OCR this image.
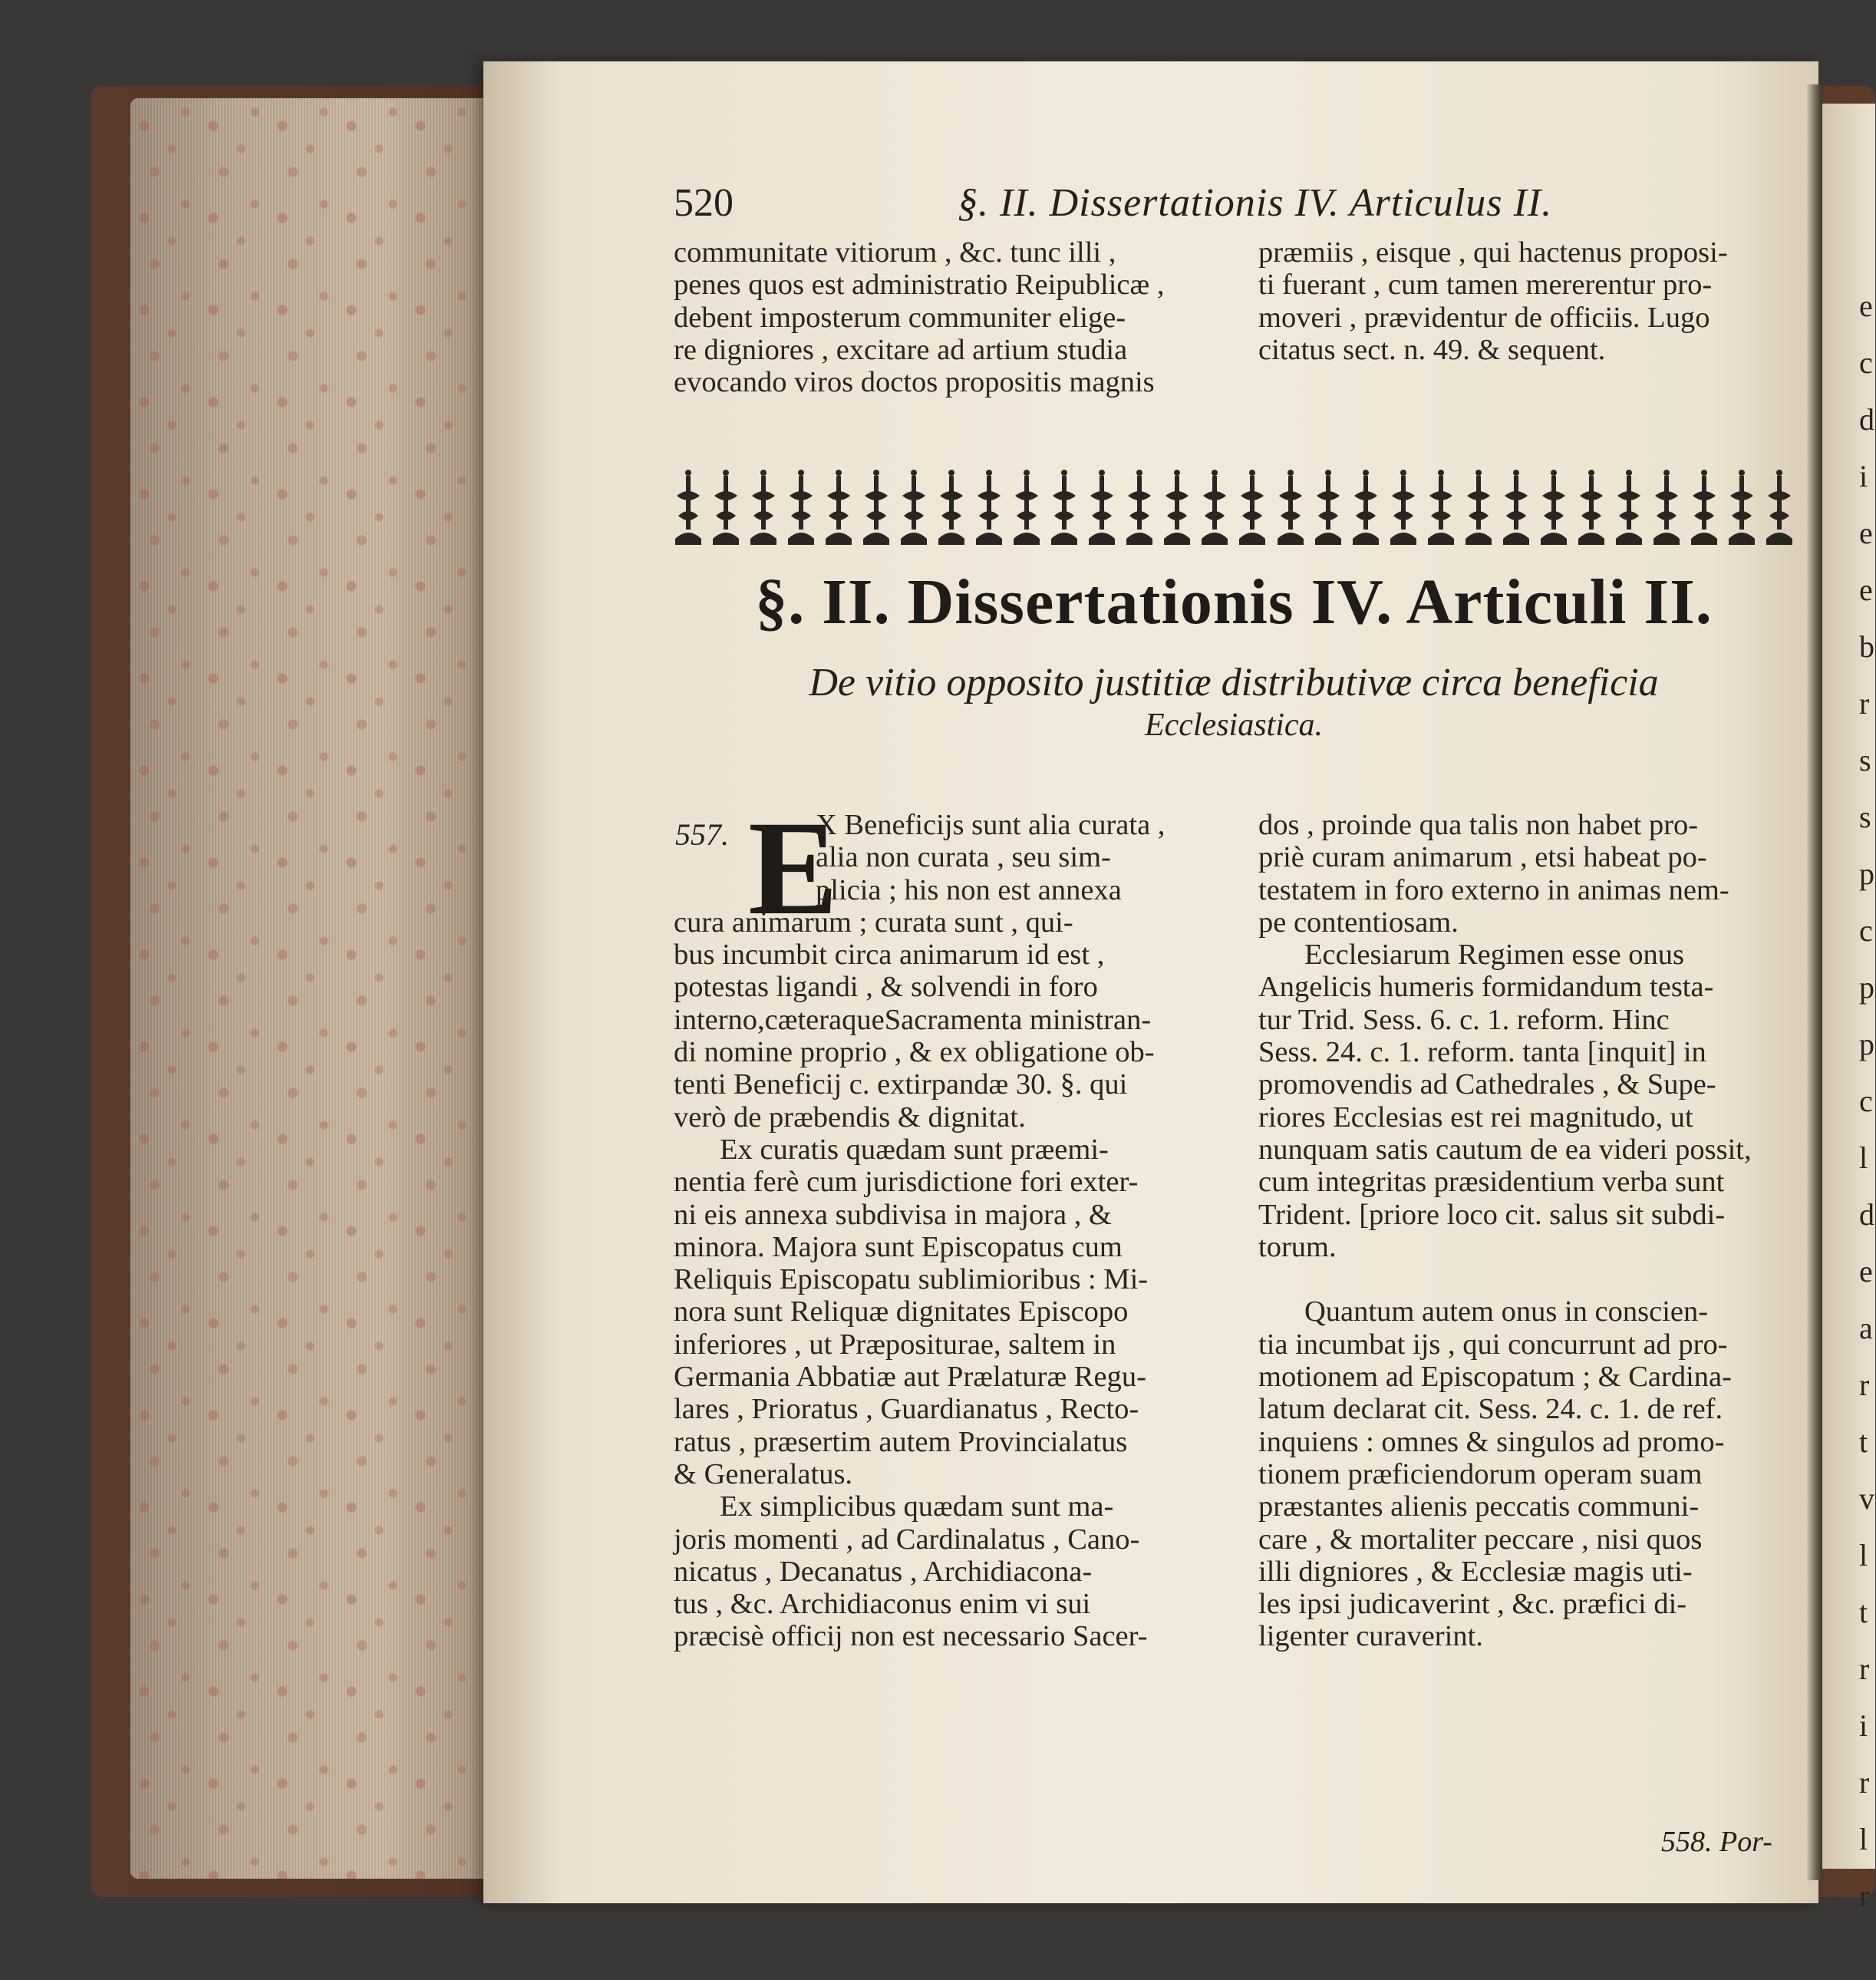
e
c
d
i
e
e
b
r
s
s
p
c
p
p
c
l
d
e
a
r
t
v
l
t
r
i
r
l
r
520	§. II. Dissertationis IV. Articulus II.
communitate vitiorum , &c. tunc illi ,
penes quos est administratio Reipublicæ ,
debent imposterum communiter elige-
re digniores , excitare ad artium studia
evocando viros doctos propositis magnis
præmiis , eisque , qui hactenus proposi-
ti fuerant , cum tamen mererentur pro-
moveri , prævidentur de officiis. Lugo
citatus sect. n. 49. & sequent.
§. II. Dissertationis IV. Articuli II.
De vitio opposito justitiæ distributivæ circa beneficia
Ecclesiastica.
557. E
X Beneficijs sunt alia curata ,
alia non curata , seu sim-
plicia ; his non est annexa
cura animarum ; curata sunt , qui-
bus incumbit circa animarum id est ,
potestas ligandi , & solvendi in foro
interno,cæteraqueSacramenta ministran-
di nomine proprio , & ex obligatione ob-
tenti Beneficij c. extirpandæ 30. §. qui
verò de præbendis & dignitat.
Ex curatis quædam sunt præemi-
nentia ferè cum jurisdictione fori exter-
ni eis annexa subdivisa in majora , &
minora. Majora sunt Episcopatus cum
Reliquis Episcopatu sublimioribus : Mi-
nora sunt Reliquæ dignitates Episcopo
inferiores , ut Præpositurae, saltem in
Germania Abbatiæ aut Prælaturæ Regu-
lares , Prioratus , Guardianatus , Recto-
ratus , præsertim autem Provincialatus
& Generalatus.
Ex simplicibus quædam sunt ma-
joris momenti , ad Cardinalatus , Cano-
nicatus , Decanatus , Archidiacona-
tus , &c. Archidiaconus enim vi sui
præcisè officij non est necessario Sacer-
dos , proinde qua talis non habet pro-
priè curam animarum , etsi habeat po-
testatem in foro externo in animas nem-
pe contentiosam.
Ecclesiarum Regimen esse onus
Angelicis humeris formidandum testa-
tur Trid. Sess. 6. c. 1. reform. Hinc
Sess. 24. c. 1. reform. tanta [inquit] in
promovendis ad Cathedrales , & Supe-
riores Ecclesias est rei magnitudo, ut
nunquam satis cautum de ea videri possit,
cum integritas præsidentium verba sunt
Trident. [priore loco cit. salus sit subdi-
torum.
Quantum autem onus in conscien-
tia incumbat ijs , qui concurrunt ad pro-
motionem ad Episcopatum ; & Cardina-
latum declarat cit. Sess. 24. c. 1. de ref.
inquiens : omnes & singulos ad promo-
tionem præficiendorum operam suam
præstantes alienis peccatis communi-
care , & mortaliter peccare , nisi quos
illi digniores , & Ecclesiæ magis uti-
les ipsi judicaverint , &c. præfici di-
ligenter curaverint.
558. Por-
